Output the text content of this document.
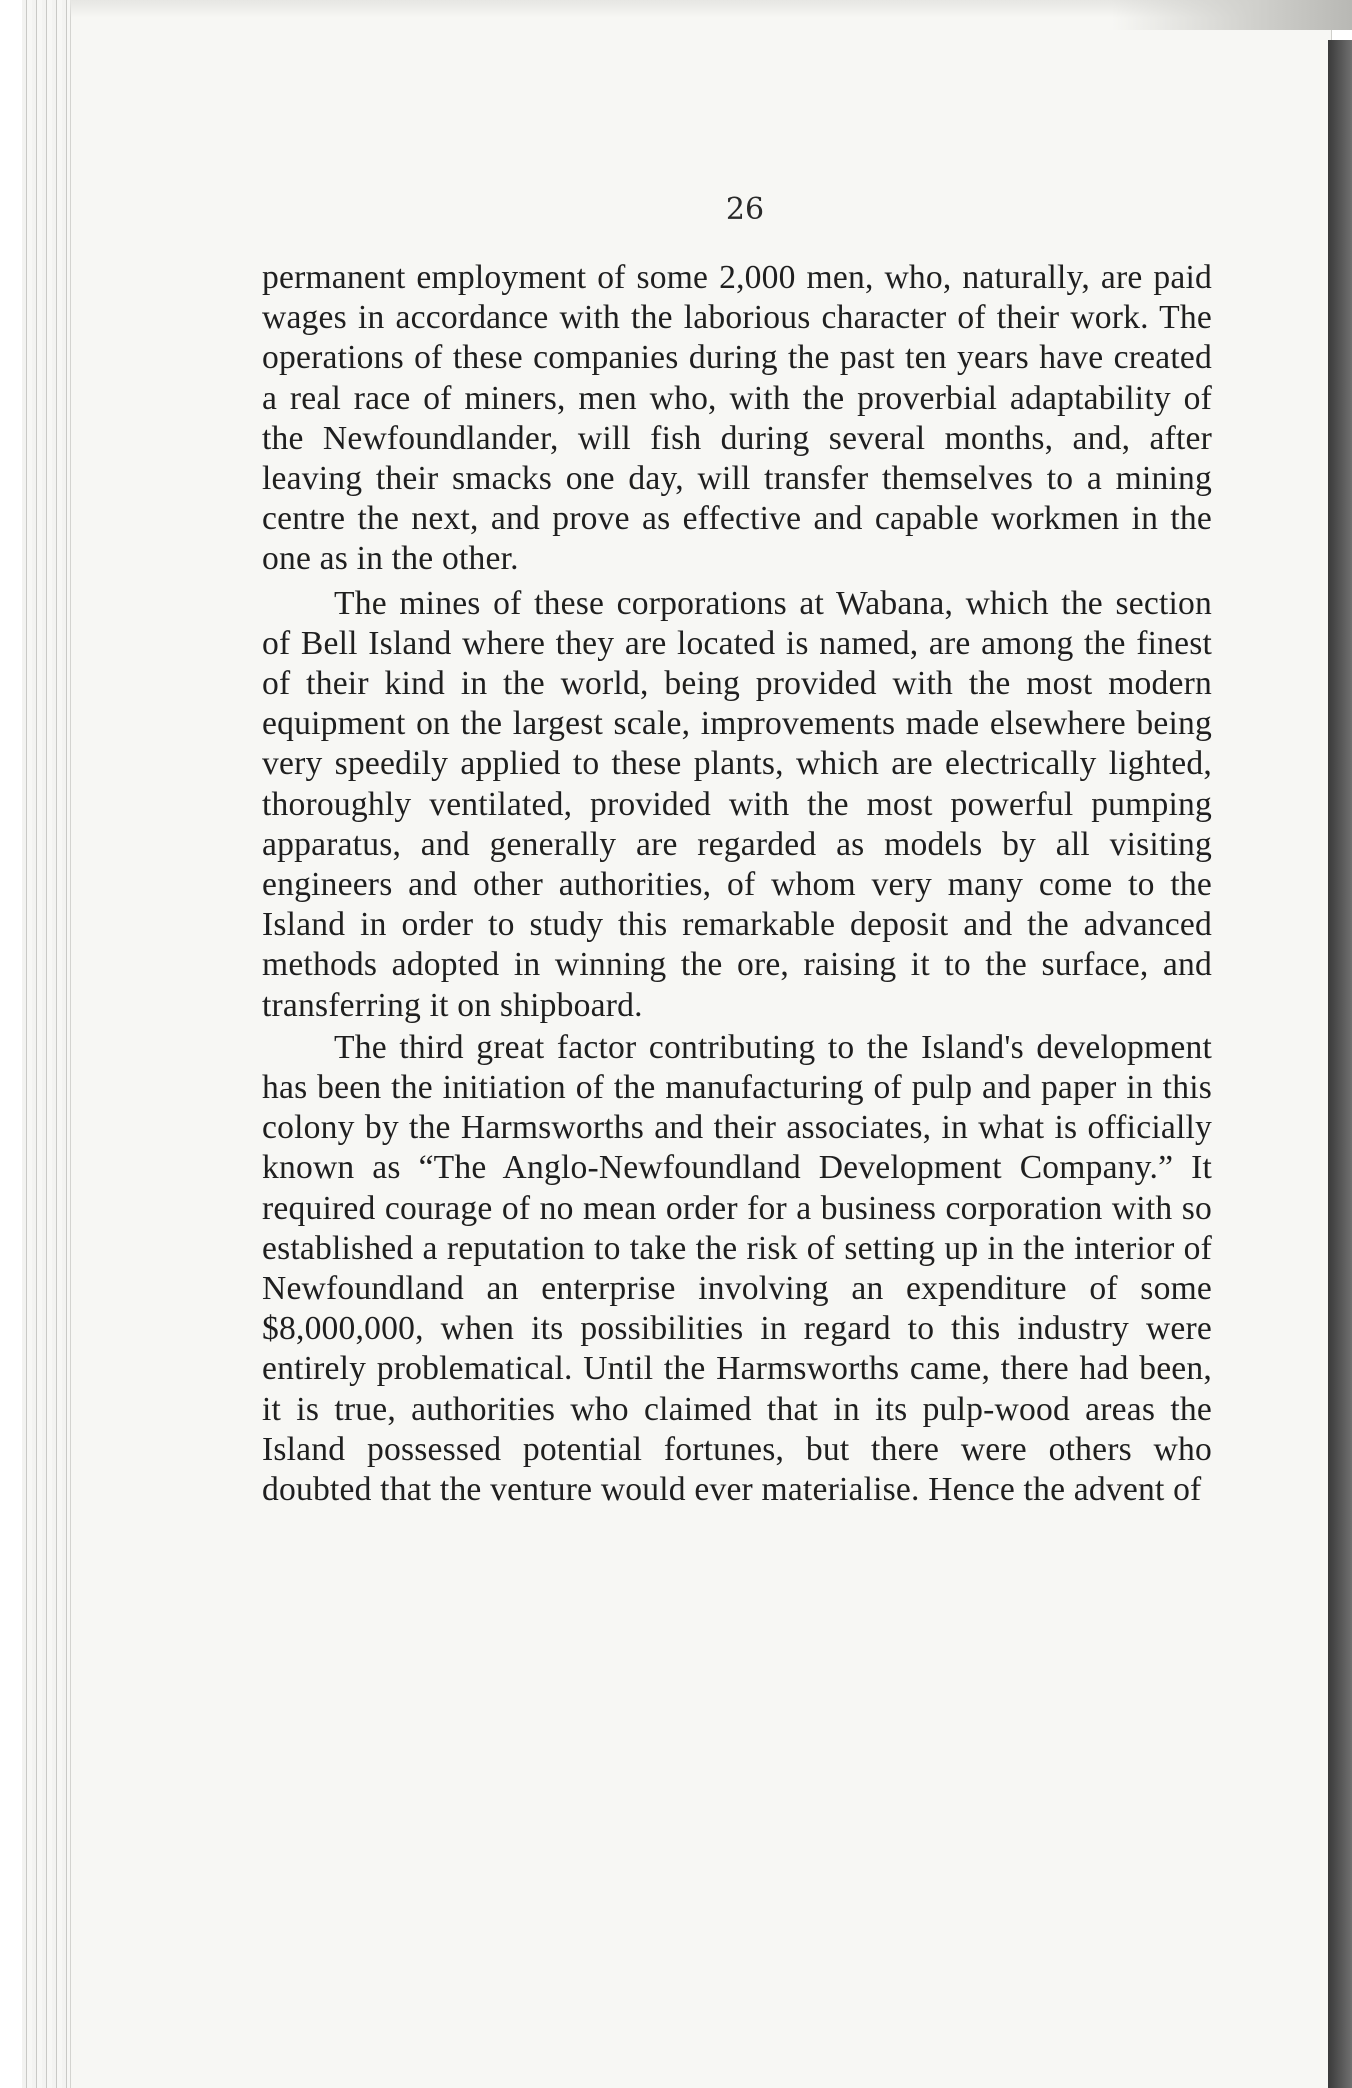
26

permanent employment of some 2,000 men, who, naturally, are paid wages in accordance with the laborious character of their work. The operations of these companies during the past ten years have created a real race of miners, men who, with the proverbial adaptability of the Newfoundlander, will fish during several months, and, after leaving their smacks one day, will transfer themselves to a mining centre the next, and prove as effective and capable workmen in the one as in the other.

The mines of these corporations at Wabana, which the section of Bell Island where they are located is named, are among the finest of their kind in the world, being provided with the most modern equipment on the largest scale, improvements made elsewhere being very speedily applied to these plants, which are electrically lighted, thoroughly ventilated, provided with the most powerful pumping apparatus, and generally are regarded as models by all visiting engineers and other authorities, of whom very many come to the Island in order to study this remarkable deposit and the advanced methods adopted in winning the ore, raising it to the surface, and transferring it on shipboard.

The third great factor contributing to the Island's development has been the initiation of the manufacturing of pulp and paper in this colony by the Harmsworths and their associates, in what is officially known as “The Anglo-Newfoundland Development Company.” It required courage of no mean order for a business corporation with so established a reputation to take the risk of setting up in the interior of Newfoundland an enterprise involving an expenditure of some $8,000,000, when its possibilities in regard to this industry were entirely problematical. Until the Harmsworths came, there had been, it is true, authorities who claimed that in its pulp-wood areas the Island possessed potential fortunes, but there were others who doubted that the venture would ever materialise. Hence the advent of
